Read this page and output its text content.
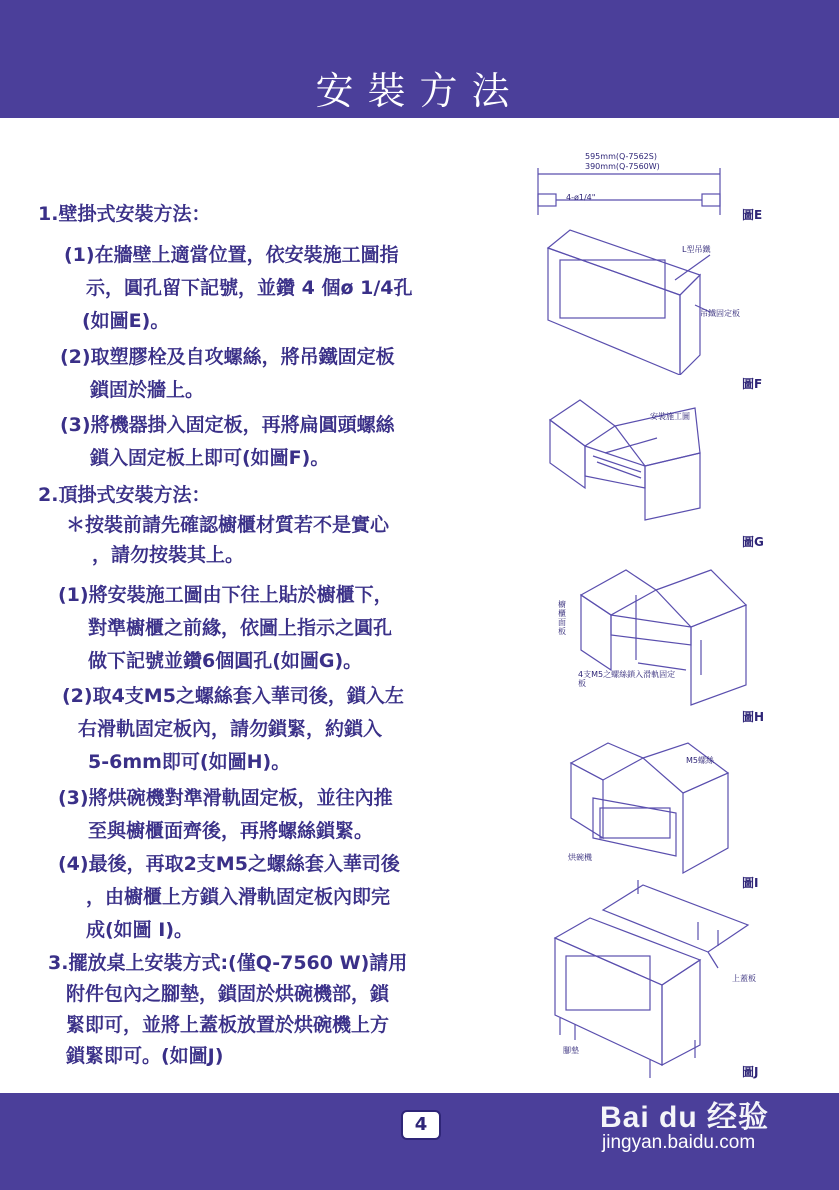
安裝方法
1.壁掛式安裝方法：
(1)在牆壁上適當位置，依安裝施工圖指
示，圓孔留下記號，並鑽 4 個ø 1/4孔
(如圖E)。
(2)取塑膠栓及自攻螺絲，將吊鐵固定板
鎖固於牆上。
(3)將機器掛入固定板，再將扁圓頭螺絲
鎖入固定板上即可(如圖F)。
2.頂掛式安裝方法：
＊按裝前請先確認櫥櫃材質若不是實心
，請勿按裝其上。
(1)將安裝施工圖由下往上貼於櫥櫃下，
對準櫥櫃之前緣，依圖上指示之圓孔
做下記號並鑽6個圓孔(如圖G)。
(2)取4支M5之螺絲套入華司後，鎖入左
右滑軌固定板內，請勿鎖緊，約鎖入
5-6mm即可(如圖H)。
(3)將烘碗機對準滑軌固定板，並往內推
至與櫥櫃面齊後，再將螺絲鎖緊。
(4)最後，再取2支M5之螺絲套入華司後
，由櫥櫃上方鎖入滑軌固定板內即完
成(如圖 I)。
3.擺放桌上安裝方式:(僅Q-7560 W)請用
附件包內之腳墊，鎖固於烘碗機部，鎖
緊即可，並將上蓋板放置於烘碗機上方
鎖緊即可。(如圖J)
595mm(Q-7562S)
390mm(Q-7560W)
4-ø1/4"
L型吊鐵
吊鐵固定板
圖E
圖F
安裝施工圖
圖G
櫥櫃面板
4支M5之螺絲鎖入滑軌固定板
圖H
M5螺絲
烘碗機
圖I
上蓋板
腳墊
圖J
4	Bai du 经验
jingyan.baidu.com
